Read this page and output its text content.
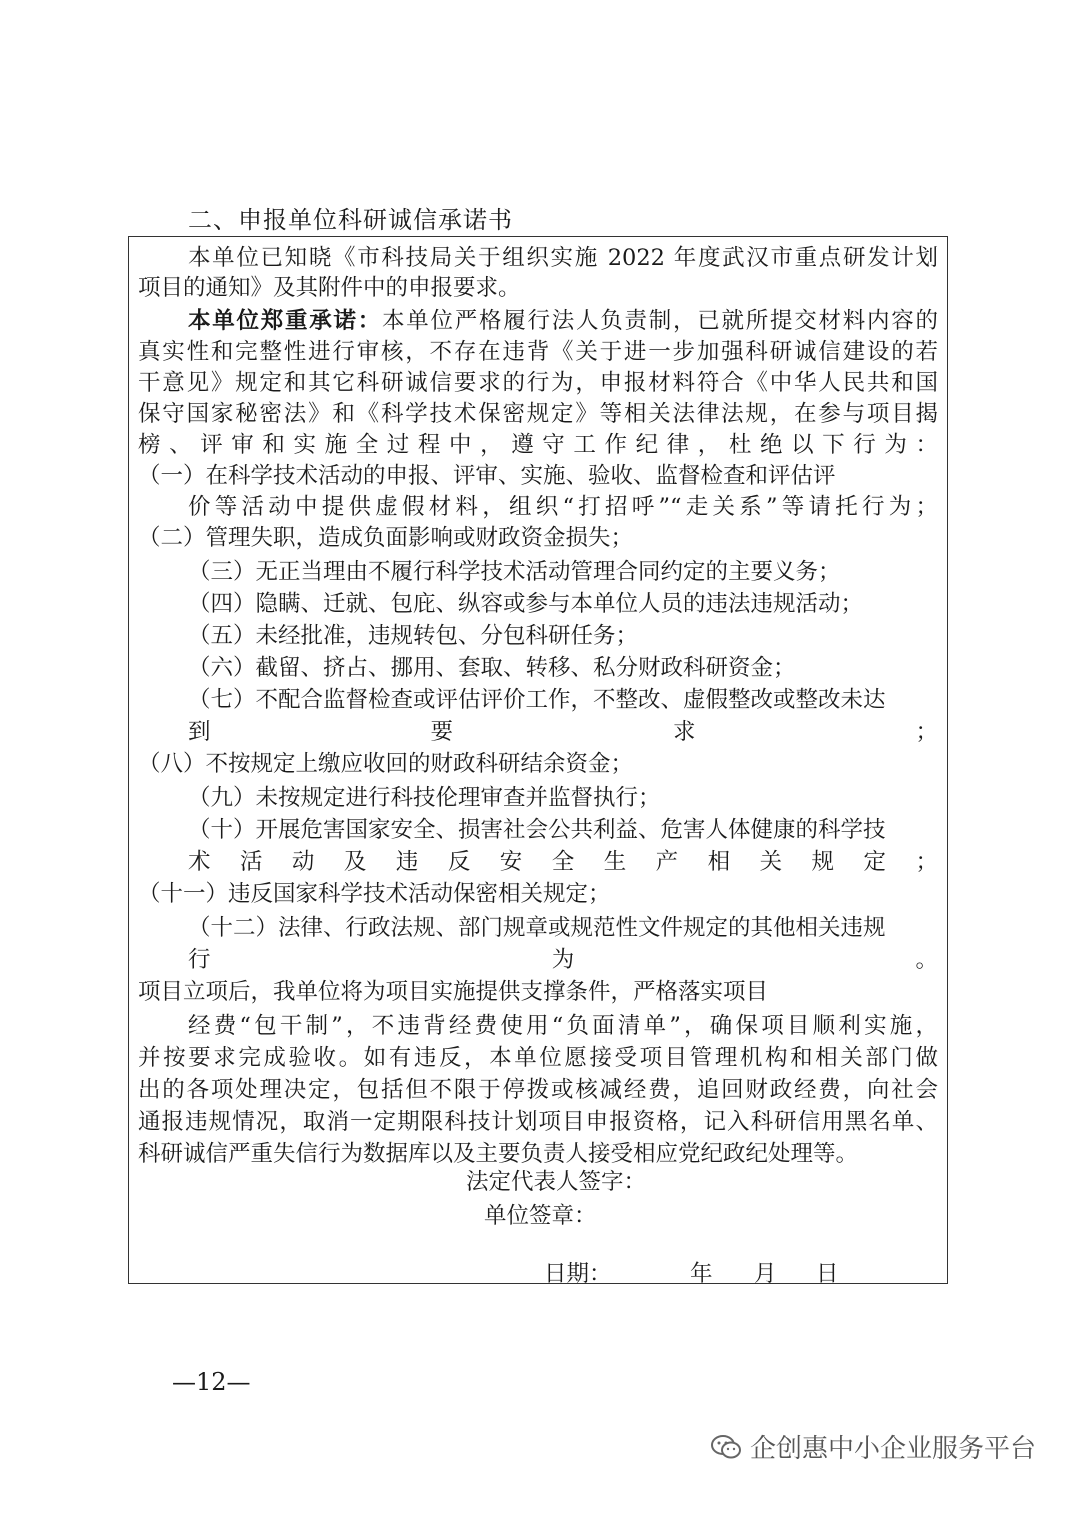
二、申报单位科研诚信承诺书
本单位已知晓《市科技局关于组织实施 2022 年度武汉市重点研发计划
项目的通知》及其附件中的申报要求。
本单位郑重承诺：本单位严格履行法人负责制，已就所提交材料内容的
真实性和完整性进行审核，不存在违背《关于进一步加强科研诚信建设的若
干意见》规定和其它科研诚信要求的行为，申报材料符合《中华人民共和国
保守国家秘密法》和《科学技术保密规定》等相关法律法规，在参与项目揭
榜、评审和实施全过程中，遵守工作纪律，杜绝以下行为：
（一）在科学技术活动的申报、评审、实施、验收、监督检查和评估评
价等活动中提供虚假材料，组织“打招呼”“走关系”等请托行为；
（二）管理失职，造成负面影响或财政资金损失；
（三）无正当理由不履行科学技术活动管理合同约定的主要义务；
（四）隐瞒、迁就、包庇、纵容或参与本单位人员的违法违规活动；
（五）未经批准，违规转包、分包科研任务；
（六）截留、挤占、挪用、套取、转移、私分财政科研资金；
（七）不配合监督检查或评估评价工作，不整改、虚假整改或整改未达
到要求；
（八）不按规定上缴应收回的财政科研结余资金；
（九）未按规定进行科技伦理审查并监督执行；
（十）开展危害国家安全、损害社会公共利益、危害人体健康的科学技
术活动及违反安全生产相关规定；
（十一）违反国家科学技术活动保密相关规定；
（十二）法律、行政法规、部门规章或规范性文件规定的其他相关违规
行为。
项目立项后，我单位将为项目实施提供支撑条件，严格落实项目
经费“包干制”，不违背经费使用“负面清单”，确保项目顺利实施，
并按要求完成验收。如有违反，本单位愿接受项目管理机构和相关部门做
出的各项处理决定，包括但不限于停拨或核减经费，追回财政经费，向社会
通报违规情况，取消一定期限科技计划项目申报资格，记入科研信用黑名单、
科研诚信严重失信行为数据库以及主要负责人接受相应党纪政纪处理等。
法定代表人签字：
单位签章：
日期：	年 月 日
—12—
企创惠中小企业服务平台
